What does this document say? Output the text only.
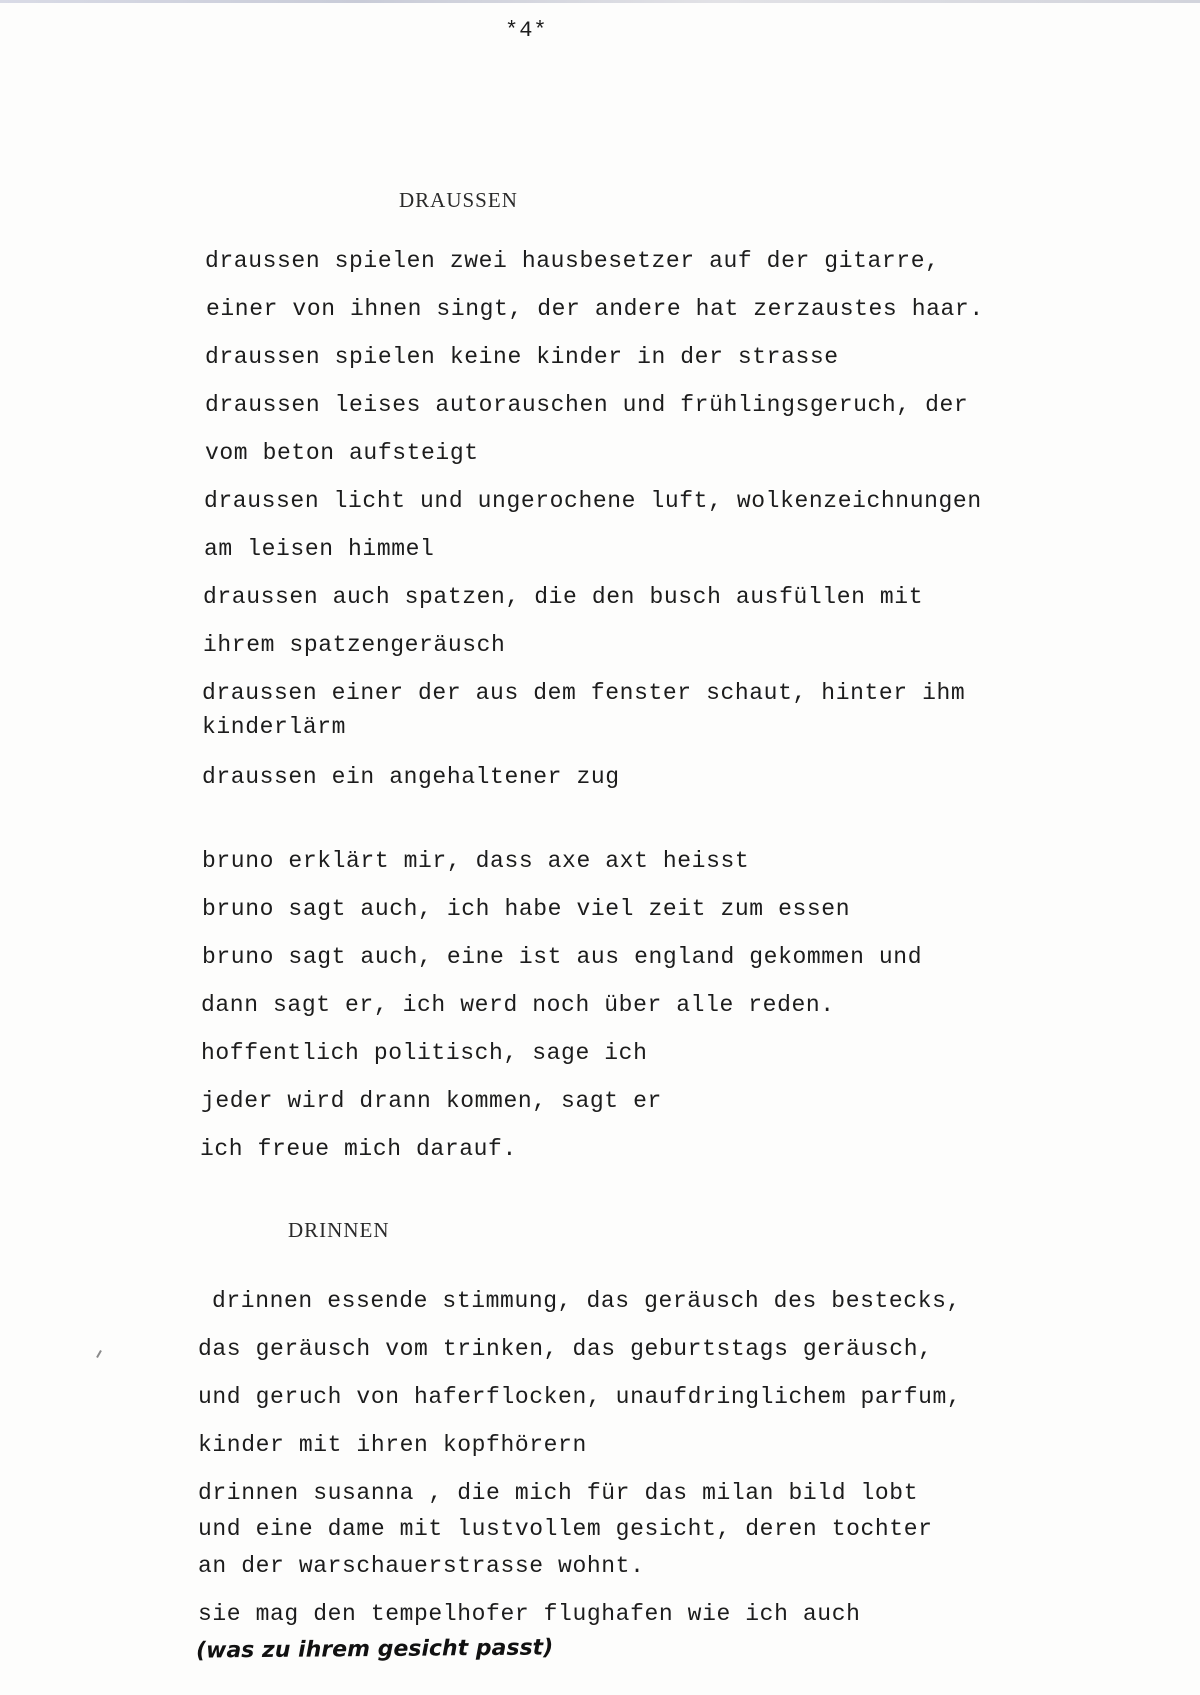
*4*
DRAUSSEN
draussen spielen zwei hausbesetzer auf der gitarre,
einer von ihnen singt, der andere hat zerzaustes haar.
draussen spielen keine kinder in der strasse
draussen leises autorauschen und frühlingsgeruch, der
vom beton aufsteigt
draussen licht und ungerochene luft, wolkenzeichnungen
am leisen himmel
draussen auch spatzen, die den busch ausfüllen mit
ihrem spatzengeräusch
draussen einer der aus dem fenster schaut, hinter ihm
kinderlärm
draussen ein angehaltener zug
bruno erklärt mir, dass axe axt heisst
bruno sagt auch, ich habe viel zeit zum essen
bruno sagt auch, eine ist aus england gekommen und
dann sagt er, ich werd noch über alle reden.
hoffentlich politisch, sage ich
jeder wird drann kommen, sagt er
ich freue mich darauf.
DRINNEN
drinnen essende stimmung, das geräusch des bestecks,
das geräusch vom trinken, das geburtstags geräusch,
und geruch von haferflocken, unaufdringlichem parfum,
kinder mit ihren kopfhörern
drinnen susanna , die mich für das milan bild lobt
und eine dame mit lustvollem gesicht, deren tochter
an der warschauerstrasse wohnt.
sie mag den tempelhofer flughafen wie ich auch
(was zu ihrem gesicht passt)
